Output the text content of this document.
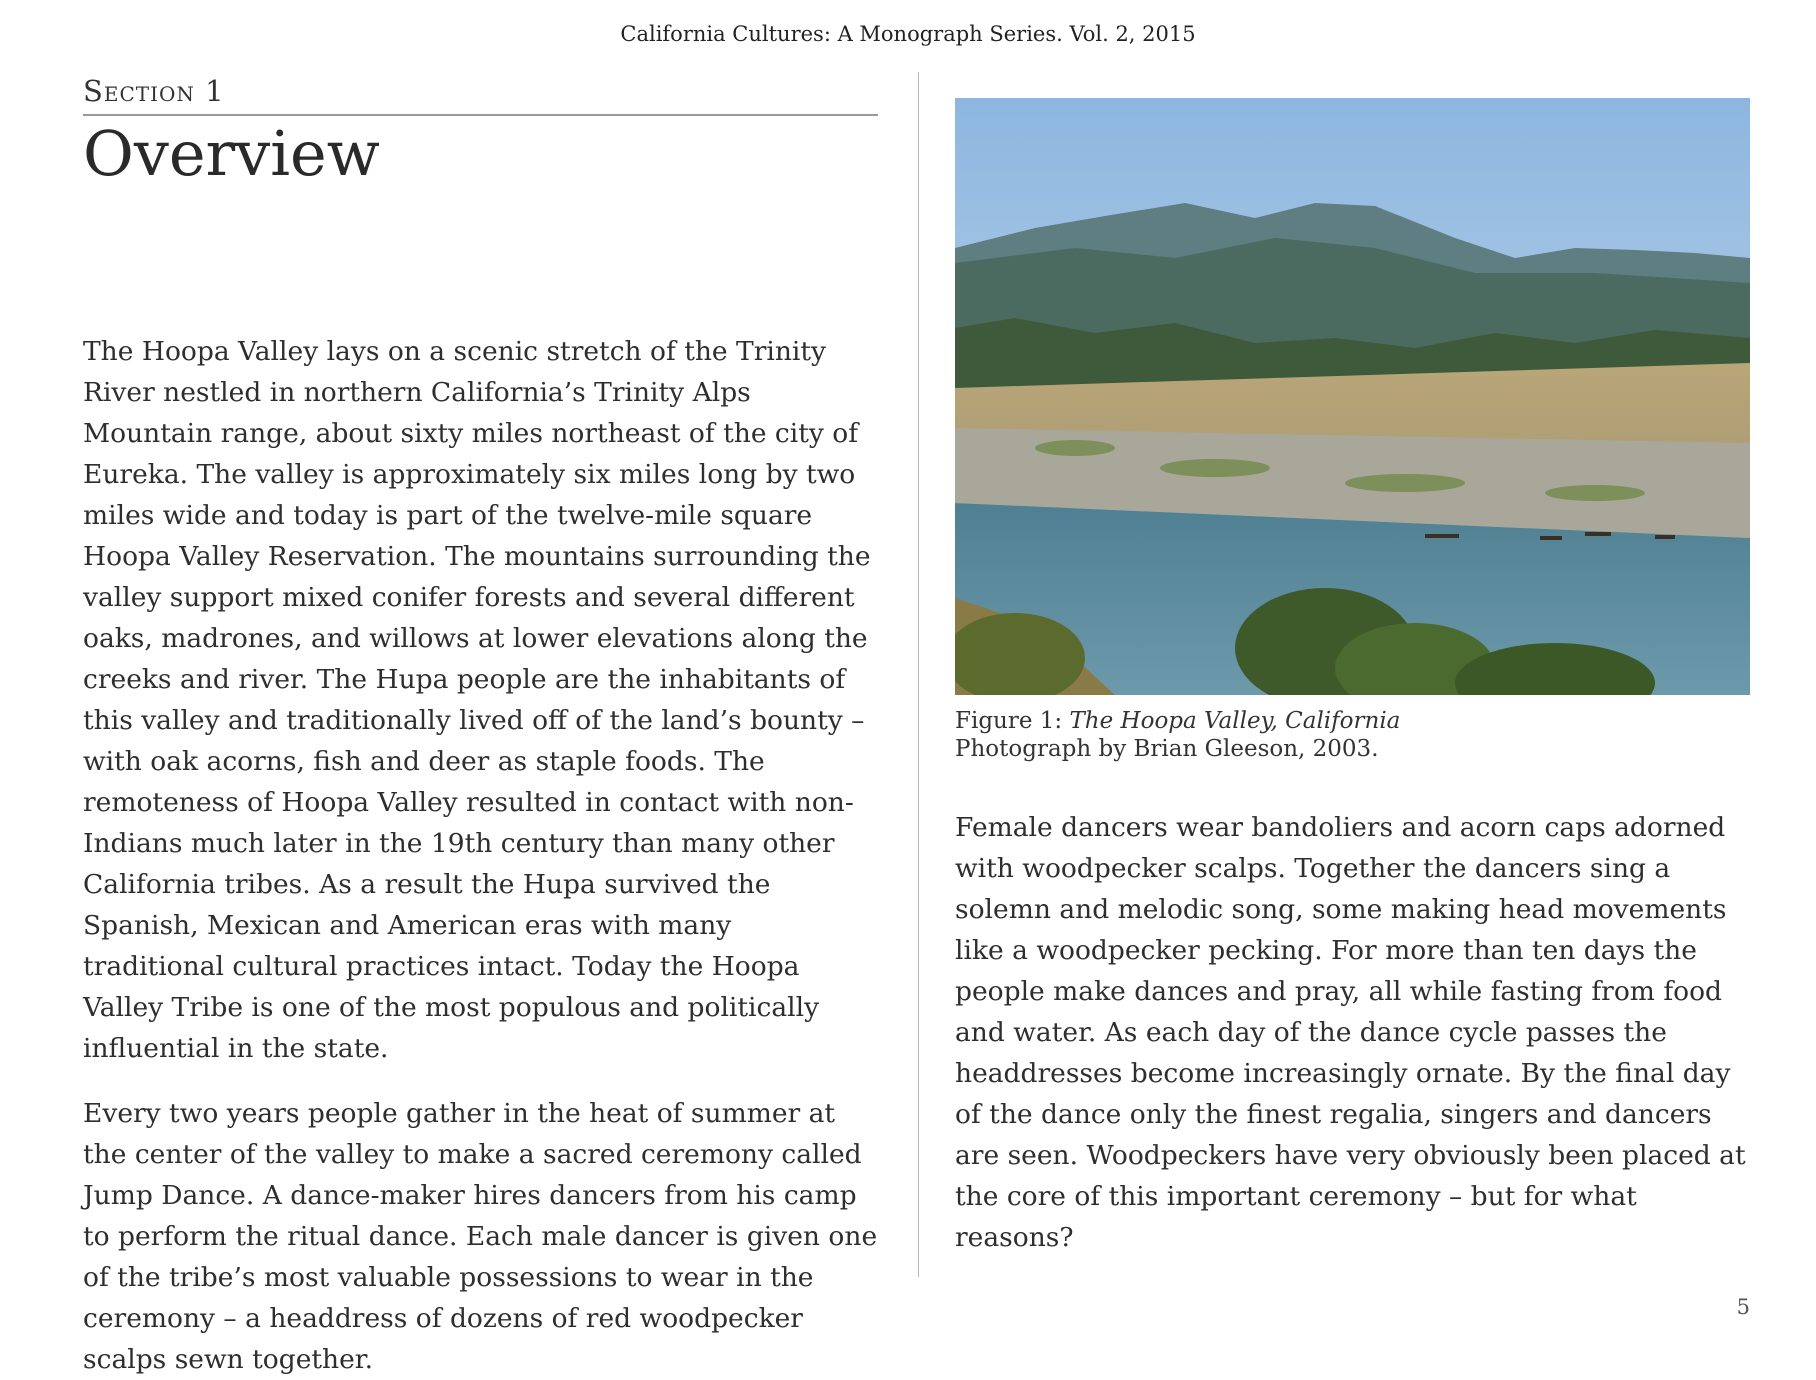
California Cultures: A Monograph Series. Vol. 2, 2015
Section 1
Overview

The Hoopa Valley lays on a scenic stretch of the Trinity River nestled in northern California’s Trinity Alps Mountain range, about sixty miles northeast of the city of Eureka. The valley is approximately six miles long by two miles wide and today is part of the twelve-mile square Hoopa Valley Reservation. The mountains surrounding the valley support mixed conifer forests and several different oaks, madrones, and willows at lower elevations along the creeks and river. The Hupa people are the inhabitants of this valley and traditionally lived off of the land’s bounty – with oak acorns, fish and deer as staple foods. The remoteness of Hoopa Valley resulted in contact with non-Indians much later in the 19th century than many other California tribes. As a result the Hupa survived the Spanish, Mexican and American eras with many traditional cultural practices intact. Today the Hoopa Valley Tribe is one of the most populous and politically influential in the state.

Every two years people gather in the heat of summer at the center of the valley to make a sacred ceremony called Jump Dance. A dance-maker hires dancers from his camp to perform the ritual dance. Each male dancer is given one of the tribe’s most valuable possessions to wear in the ceremony – a headdress of dozens of red woodpecker scalps sewn together.

Figure 1: The Hoopa Valley, California
Photograph by Brian Gleeson, 2003.

Female dancers wear bandoliers and acorn caps adorned with woodpecker scalps. Together the dancers sing a solemn and melodic song, some making head movements like a woodpecker pecking. For more than ten days the people make dances and pray, all while fasting from food and water. As each day of the dance cycle passes the headdresses become increasingly ornate. By the final day of the dance only the finest regalia, singers and dancers are seen. Woodpeckers have very obviously been placed at the core of this important ceremony – but for what reasons?

5
